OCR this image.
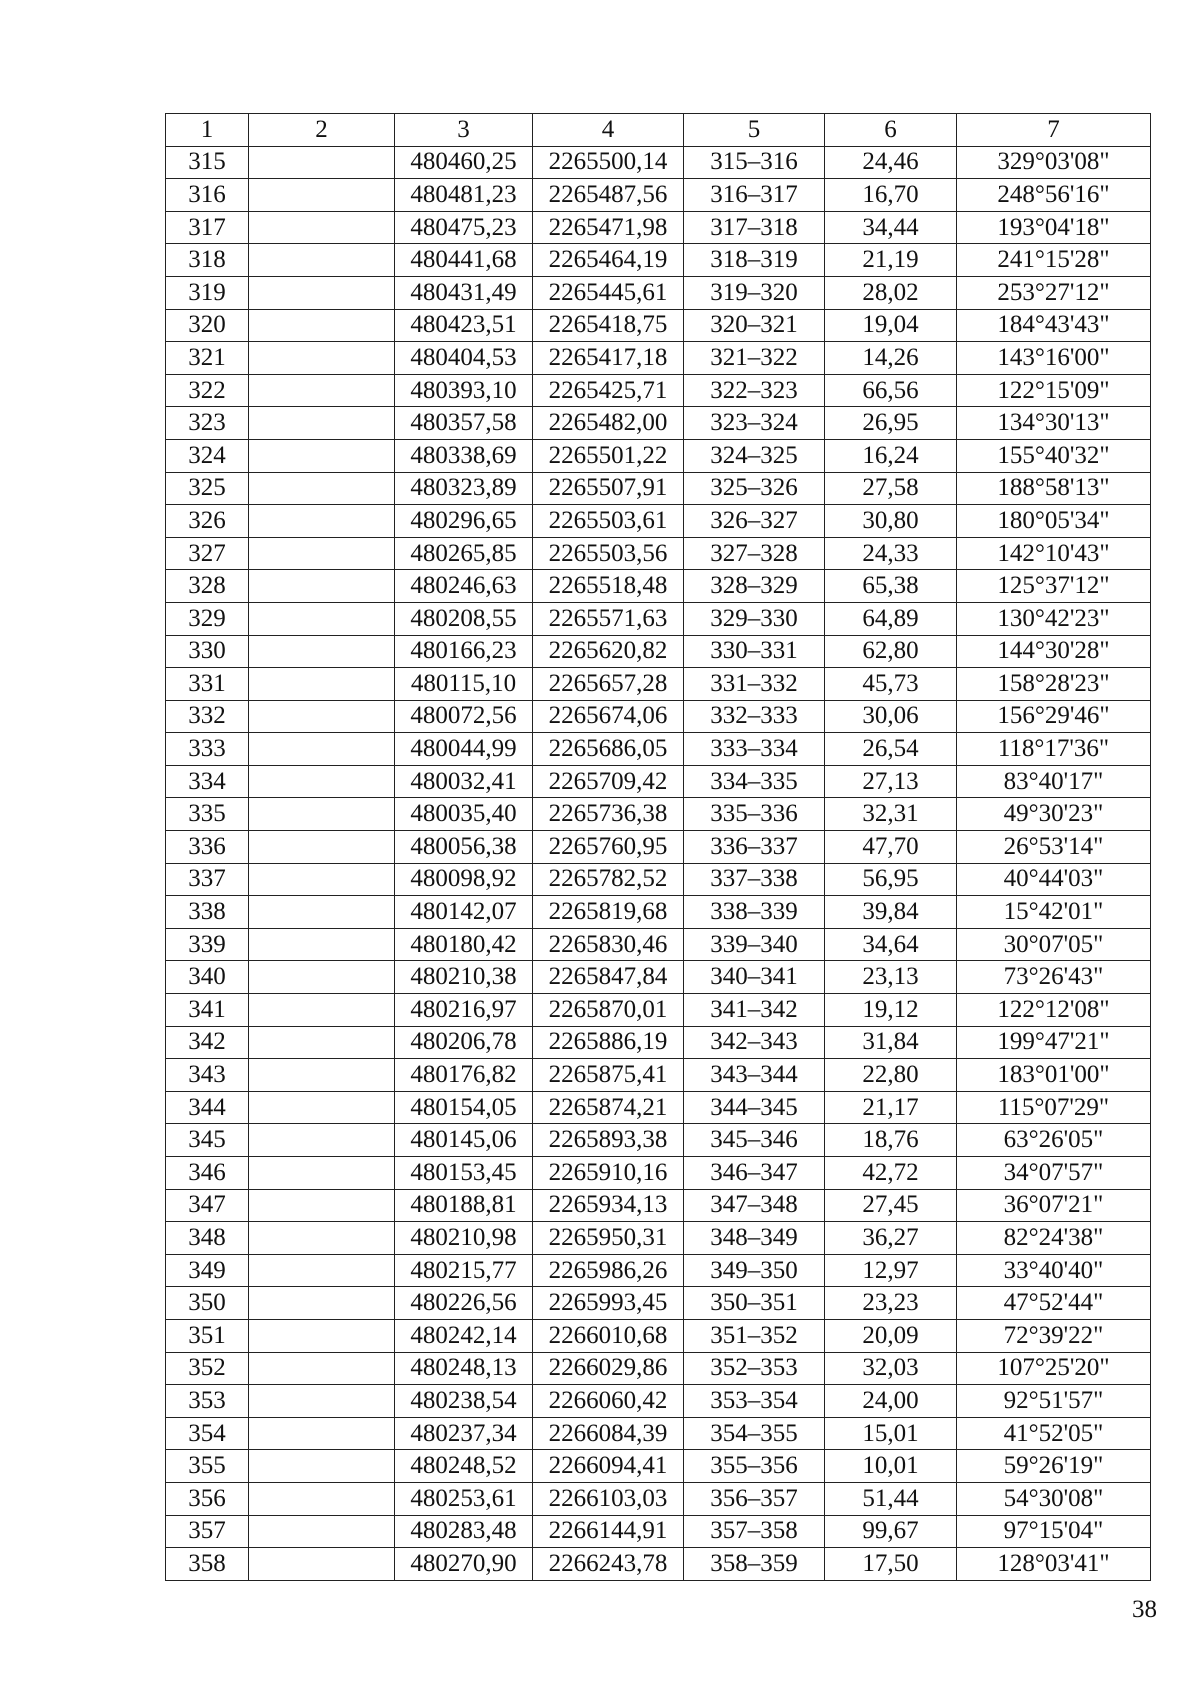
1	2	3	4	5	6	7
315		480460,25	2265500,14	315–316	24,46	329°03'08"
316		480481,23	2265487,56	316–317	16,70	248°56'16"
317		480475,23	2265471,98	317–318	34,44	193°04'18"
318		480441,68	2265464,19	318–319	21,19	241°15'28"
319		480431,49	2265445,61	319–320	28,02	253°27'12"
320		480423,51	2265418,75	320–321	19,04	184°43'43"
321		480404,53	2265417,18	321–322	14,26	143°16'00"
322		480393,10	2265425,71	322–323	66,56	122°15'09"
323		480357,58	2265482,00	323–324	26,95	134°30'13"
324		480338,69	2265501,22	324–325	16,24	155°40'32"
325		480323,89	2265507,91	325–326	27,58	188°58'13"
326		480296,65	2265503,61	326–327	30,80	180°05'34"
327		480265,85	2265503,56	327–328	24,33	142°10'43"
328		480246,63	2265518,48	328–329	65,38	125°37'12"
329		480208,55	2265571,63	329–330	64,89	130°42'23"
330		480166,23	2265620,82	330–331	62,80	144°30'28"
331		480115,10	2265657,28	331–332	45,73	158°28'23"
332		480072,56	2265674,06	332–333	30,06	156°29'46"
333		480044,99	2265686,05	333–334	26,54	118°17'36"
334		480032,41	2265709,42	334–335	27,13	83°40'17"
335		480035,40	2265736,38	335–336	32,31	49°30'23"
336		480056,38	2265760,95	336–337	47,70	26°53'14"
337		480098,92	2265782,52	337–338	56,95	40°44'03"
338		480142,07	2265819,68	338–339	39,84	15°42'01"
339		480180,42	2265830,46	339–340	34,64	30°07'05"
340		480210,38	2265847,84	340–341	23,13	73°26'43"
341		480216,97	2265870,01	341–342	19,12	122°12'08"
342		480206,78	2265886,19	342–343	31,84	199°47'21"
343		480176,82	2265875,41	343–344	22,80	183°01'00"
344		480154,05	2265874,21	344–345	21,17	115°07'29"
345		480145,06	2265893,38	345–346	18,76	63°26'05"
346		480153,45	2265910,16	346–347	42,72	34°07'57"
347		480188,81	2265934,13	347–348	27,45	36°07'21"
348		480210,98	2265950,31	348–349	36,27	82°24'38"
349		480215,77	2265986,26	349–350	12,97	33°40'40"
350		480226,56	2265993,45	350–351	23,23	47°52'44"
351		480242,14	2266010,68	351–352	20,09	72°39'22"
352		480248,13	2266029,86	352–353	32,03	107°25'20"
353		480238,54	2266060,42	353–354	24,00	92°51'57"
354		480237,34	2266084,39	354–355	15,01	41°52'05"
355		480248,52	2266094,41	355–356	10,01	59°26'19"
356		480253,61	2266103,03	356–357	51,44	54°30'08"
357		480283,48	2266144,91	357–358	99,67	97°15'04"
358		480270,90	2266243,78	358–359	17,50	128°03'41"
38
